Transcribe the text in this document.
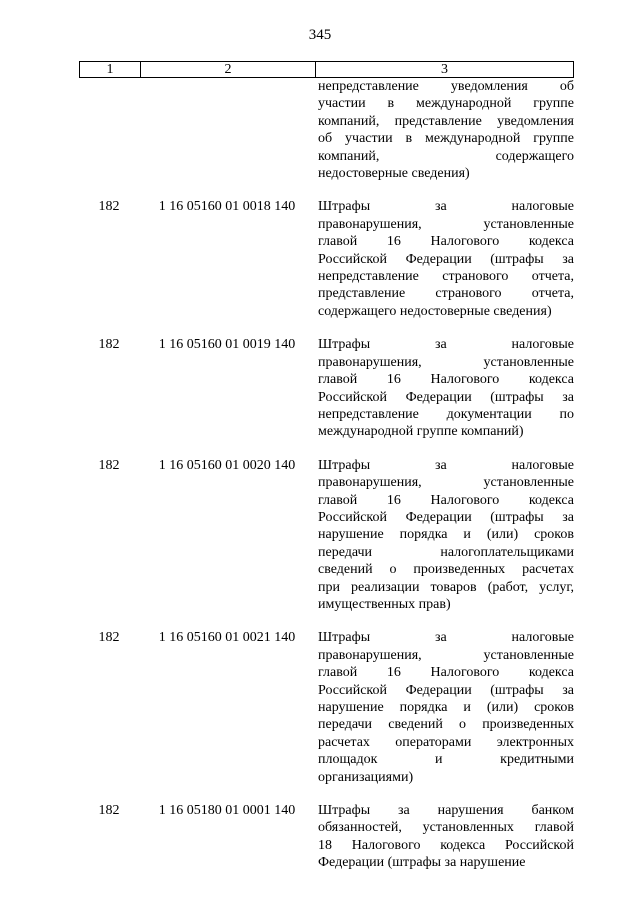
345
1	2	3
непредставление уведомления об
участии в международной группе
компаний, представление уведомления
об участии в международной группе
компаний, содержащего
недостоверные сведения)
182	1 16 05160 01 0018 140	Штрафы за налоговые
правонарушения, установленные
главой 16 Налогового кодекса
Российской Федерации (штрафы за
непредставление странового отчета,
представление странового отчета,
содержащего недостоверные сведения)
182	1 16 05160 01 0019 140	Штрафы за налоговые
правонарушения, установленные
главой 16 Налогового кодекса
Российской Федерации (штрафы за
непредставление документации по
международной группе компаний)
182	1 16 05160 01 0020 140	Штрафы за налоговые
правонарушения, установленные
главой 16 Налогового кодекса
Российской Федерации (штрафы за
нарушение порядка и (или) сроков
передачи налогоплательщиками
сведений о произведенных расчетах
при реализации товаров (работ, услуг,
имущественных прав)
182	1 16 05160 01 0021 140	Штрафы за налоговые
правонарушения, установленные
главой 16 Налогового кодекса
Российской Федерации (штрафы за
нарушение порядка и (или) сроков
передачи сведений о произведенных
расчетах операторами электронных
площадок и кредитными
организациями)
182	1 16 05180 01 0001 140	Штрафы за нарушения банком
обязанностей, установленных главой
18 Налогового кодекса Российской
Федерации (штрафы за нарушение
